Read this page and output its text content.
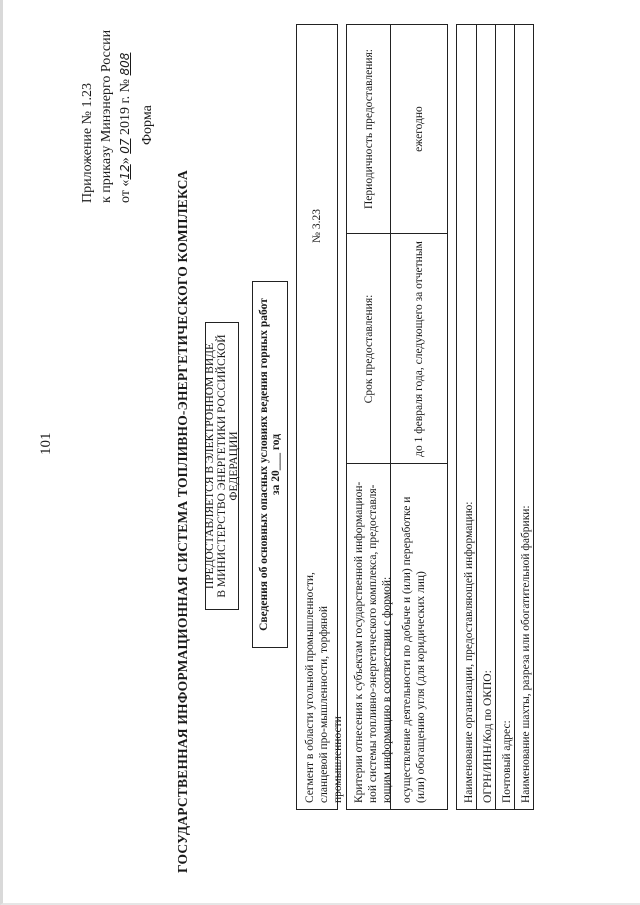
101
Приложение № 1.23 к приказу Минэнерго России от «12» 07 2019 г. № 808
Форма
ГОСУДАРСТВЕННАЯ ИНФОРМАЦИОННАЯ СИСТЕМА ТОПЛИВНО-ЭНЕРГЕТИЧЕСКОГО КОМПЛЕКСА ПРЕДОСТАВЛЯЕТСЯ В ЭЛЕКТРОННОМ ВИДЕ В МИНИСТЕРСТВО ЭНЕРГЕТИКИ РОССИЙСКОЙ ФЕДЕРАЦИИ Сведения об основных опасных условиях ведения горных работ за 20___ год
Сегмент в области угольной промышленности, сланцевой про-мышленности, торфяной промышленности
№ 3.23
Критерии отнесения к субъектам государственной информацион-ной системы топливно-энергетического комплекса, предоставля-ющим информацию в соответствии с формой:
Срок предоставления:
Периодичность предоставления:
осуществление деятельности по добыче и (или) переработке и (или) обогащению угля (для юридических лиц)
до 1 февраля года, следующего за отчетным
ежегодно
Наименование организации, предоставляющей информацию: ОГРН/ИНН/Код по ОКПО: Почтовый адрес: Наименование шахты, разреза или обогатительной фабрики:
